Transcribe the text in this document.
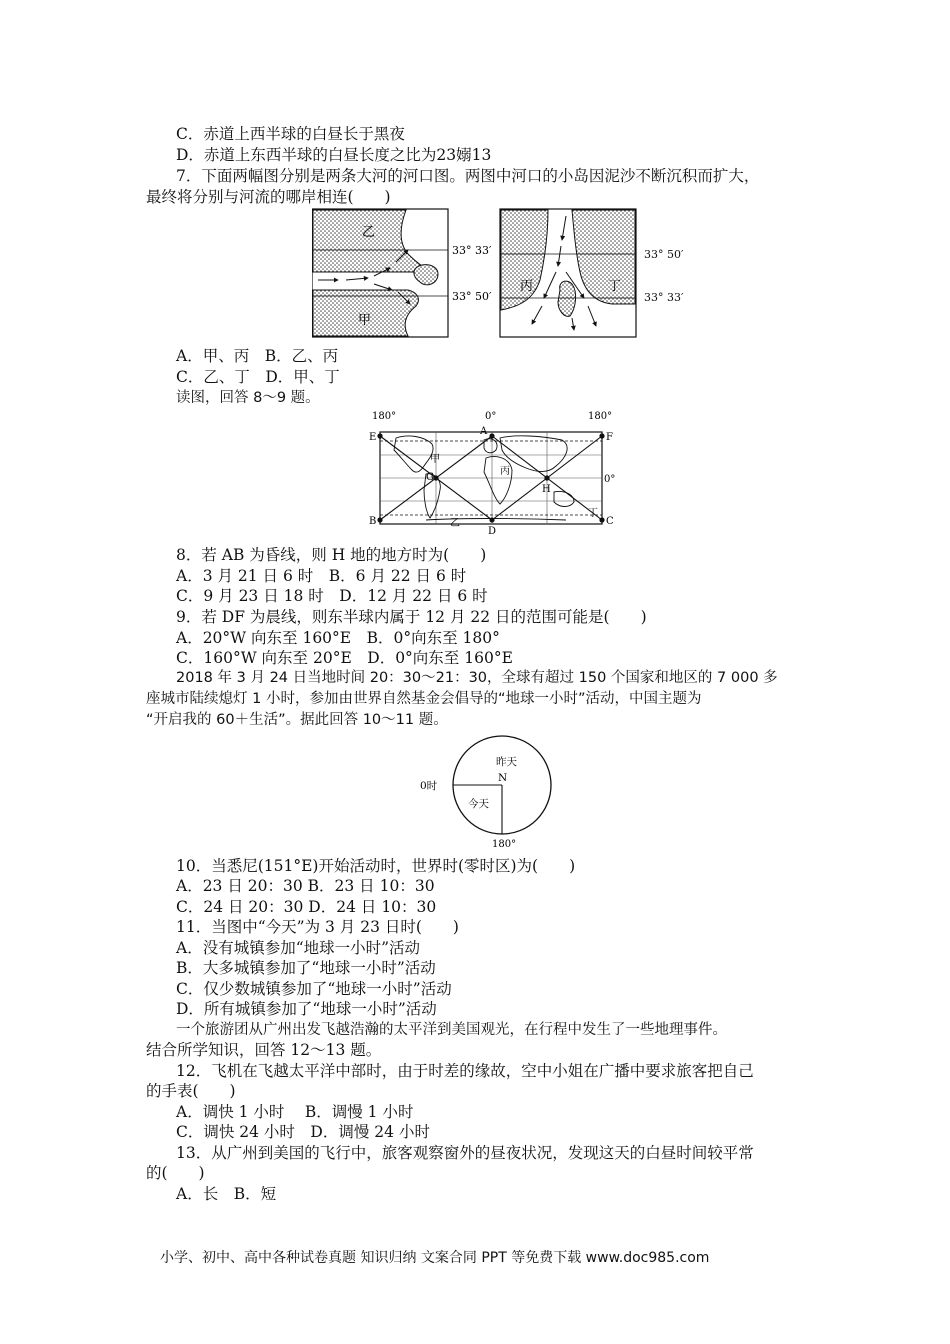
C．赤道上西半球的白昼长于黑夜
D．赤道上东西半球的白昼长度之比为23嫋13
7．下面两幅图分别是两条大河的河口图。两图中河口的小岛因泥沙不断沉积而扩大，
最终将分别与河流的哪岸相连(　　)
乙
甲
33° 33′
33° 50′
丙	丁
33° 50′
33° 33′
A．甲、丙　B．乙、丙
C．乙、丁　D．甲、丁
读图，回答 8～9 题。
180°	0°	180°
E
A
F
B
D
C
G
H
0°
甲
乙
丙
丁
8．若 AB 为昏线，则 H 地的地方时为(　　)
A．3 月 21 日 6 时　B．6 月 22 日 6 时
C．9 月 23 日 18 时　D．12 月 22 日 6 时
9．若 DF 为晨线，则东半球内属于 12 月 22 日的范围可能是(　　)
A．20°W 向东至 160°E　B．0°向东至 180°
C．160°W 向东至 20°E　D．0°向东至 160°E
2018 年 3 月 24 日当地时间 20：30～21：30，全球有超过 150 个国家和地区的 7 000 多
座城市陆续熄灯 1 小时，参加由世界自然基金会倡导的“地球一小时”活动，中国主题为
“开启我的 60＋生活”。据此回答 10～11 题。
昨天
N
今天
0时
180°
10．当悉尼(151°E)开始活动时，世界时(零时区)为(　　)
A．23 日 20：30 B．23 日 10：30
C．24 日 20：30 D．24 日 10：30
11．当图中“今天”为 3 月 23 日时(　　)
A．没有城镇参加“地球一小时”活动
B．大多城镇参加了“地球一小时”活动
C．仅少数城镇参加了“地球一小时”活动
D．所有城镇参加了“地球一小时”活动
一个旅游团从广州出发飞越浩瀚的太平洋到美国观光，在行程中发生了一些地理事件。
结合所学知识，回答 12～13 题。
12．飞机在飞越太平洋中部时，由于时差的缘故，空中小姐在广播中要求旅客把自己
的手表(　　)
A．调快 1 小时　 B．调慢 1 小时
C．调快 24 小时　D．调慢 24 小时
13．从广州到美国的飞行中，旅客观察窗外的昼夜状况，发现这天的白昼时间较平常
的(　　)
A．长　B．短
小学、初中、高中各种试卷真题 知识归纳 文案合同 PPT 等免费下载 www.doc985.com
